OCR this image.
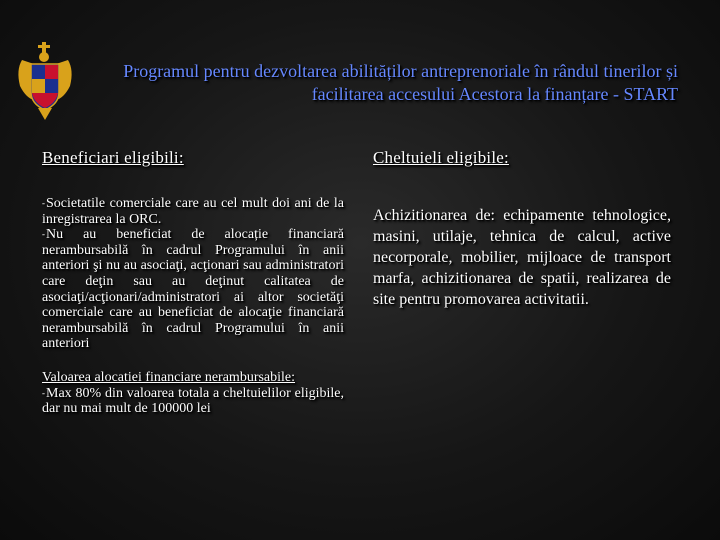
Programul pentru dezvoltarea abilităților antreprenoriale în rândul tinerilor și facilitarea accesului Acestora la finanțare - START
Beneficiari eligibili:	Cheltuieli eligibile:

-Societatile comerciale care au cel mult doi ani de la inregistrarea la ORC.

-Nu au beneficiat de alocație financiară nerambursabilă în cadrul Programului în anii anteriori şi nu au asociaţi, acţionari sau administratori care deţin sau au deţinut calitatea de asociaţi/acţionari/administratori ai altor societăţi comerciale care au beneficiat de alocaţie financiară nerambursabilă în cadrul Programului în anii anteriori

Valoarea alocatiei financiare nerambursabile:

-Max 80% din valoarea totala a cheltuielilor eligibile, dar nu mai mult de 100000 lei

Achizitionarea de: echipamente tehnologice, masini, utilaje, tehnica de calcul, active necorporale, mobilier, mijloace de transport marfa, achizitionarea de spatii, realizarea de site pentru promovarea activitatii.
